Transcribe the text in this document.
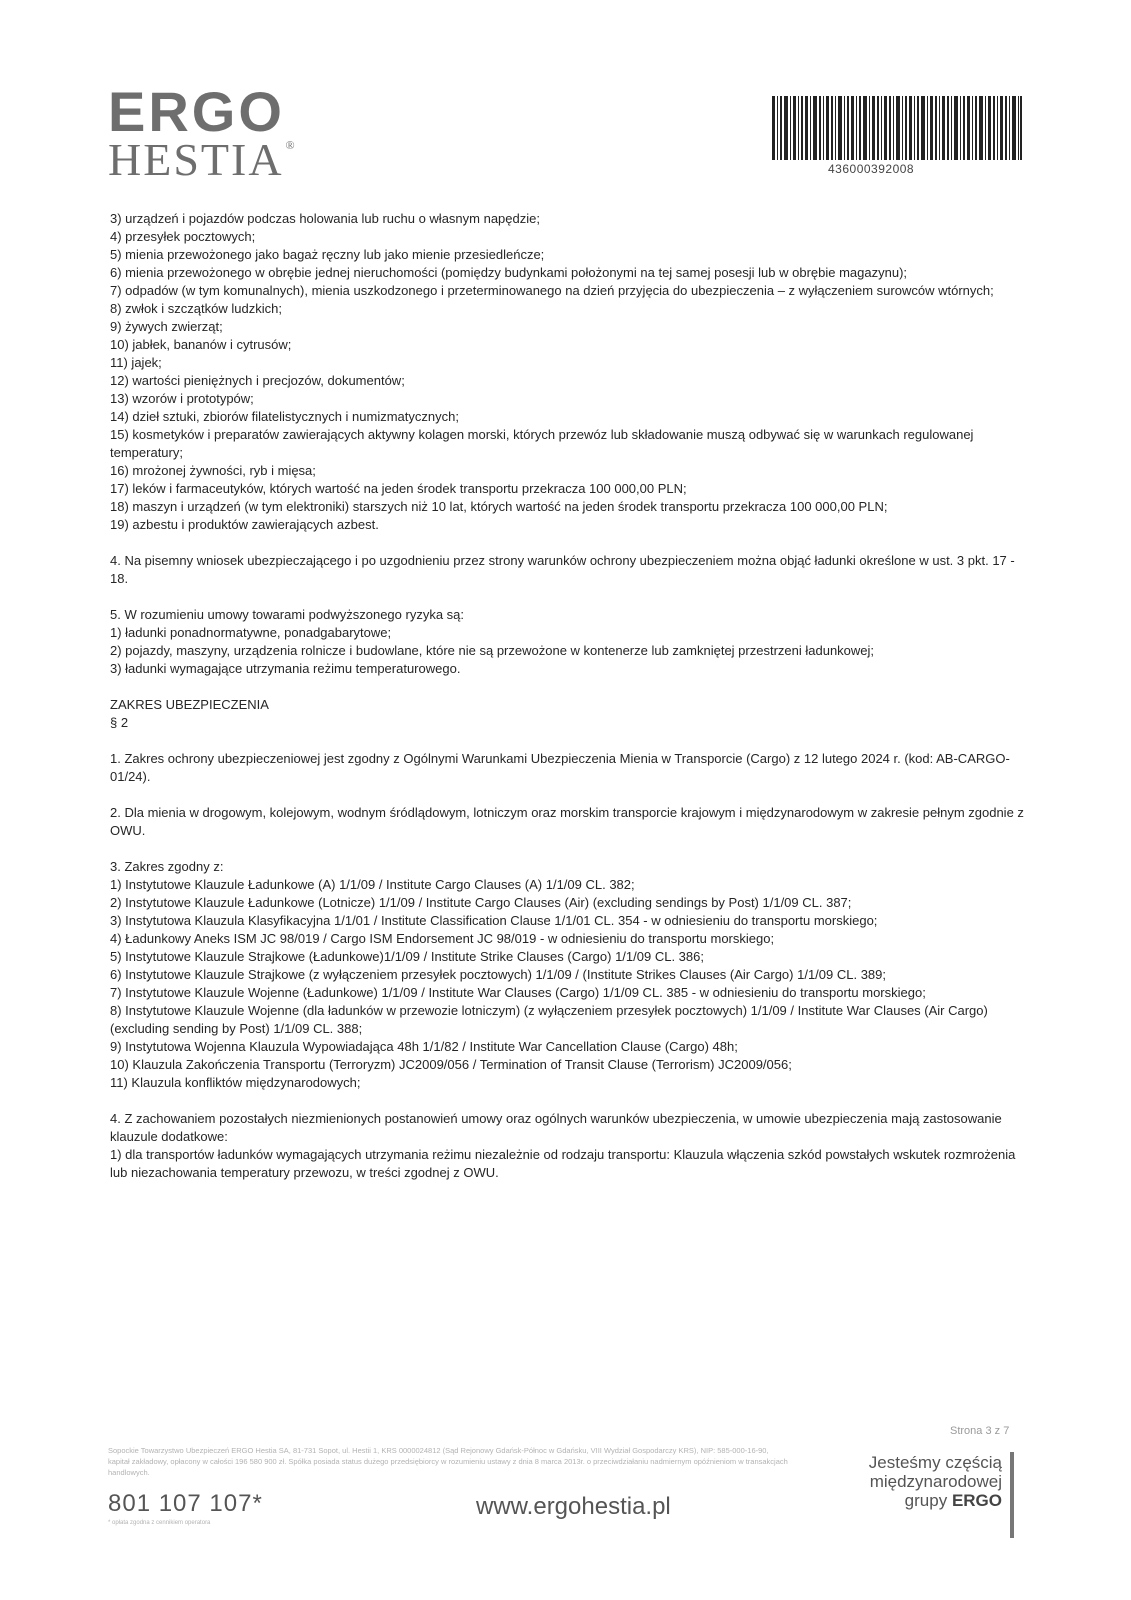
ERGO
HESTIA ®
436000392008

3) urządzeń i pojazdów podczas holowania lub ruchu o własnym napędzie;

4) przesyłek pocztowych;

5) mienia przewożonego jako bagaż ręczny lub jako mienie przesiedleńcze;

6) mienia przewożonego w obrębie jednej nieruchomości (pomiędzy budynkami położonymi na tej samej posesji lub w obrębie magazynu);

7) odpadów (w tym komunalnych), mienia uszkodzonego i przeterminowanego na dzień przyjęcia do ubezpieczenia – z wyłączeniem surowców wtórnych;

8) zwłok i szczątków ludzkich;

9) żywych zwierząt;

10) jabłek, bananów i cytrusów;

11) jajek;

12) wartości pieniężnych i precjozów, dokumentów;

13) wzorów i prototypów;

14) dzieł sztuki, zbiorów filatelistycznych i numizmatycznych;

15) kosmetyków i preparatów zawierających aktywny kolagen morski, których przewóz lub składowanie muszą odbywać się w warunkach regulowanej temperatury;

16) mrożonej żywności, ryb i mięsa;

17) leków i farmaceutyków, których wartość na jeden środek transportu przekracza 100 000,00 PLN;

18) maszyn i urządzeń (w tym elektroniki) starszych niż 10 lat, których wartość na jeden środek transportu przekracza 100 000,00 PLN;

19) azbestu i produktów zawierających azbest.

4. Na pisemny wniosek ubezpieczającego i po uzgodnieniu przez strony warunków ochrony ubezpieczeniem można objąć ładunki określone w ust. 3 pkt. 17 - 18.

5. W rozumieniu umowy towarami podwyższonego ryzyka są:

1) ładunki ponadnormatywne, ponadgabarytowe;

2) pojazdy, maszyny, urządzenia rolnicze i budowlane, które nie są przewożone w kontenerze lub zamkniętej przestrzeni ładunkowej;

3) ładunki wymagające utrzymania reżimu temperaturowego.

ZAKRES UBEZPIECZENIA

§ 2

1. Zakres ochrony ubezpieczeniowej jest zgodny z Ogólnymi Warunkami Ubezpieczenia Mienia w Transporcie (Cargo) z 12 lutego 2024 r. (kod: AB-CARGO-01/24).

2. Dla mienia w drogowym, kolejowym, wodnym śródlądowym, lotniczym oraz morskim transporcie krajowym i międzynarodowym w zakresie pełnym zgodnie z OWU.

3. Zakres zgodny z:

1) Instytutowe Klauzule Ładunkowe (A) 1/1/09 / Institute Cargo Clauses (A) 1/1/09 CL. 382;

2) Instytutowe Klauzule Ładunkowe (Lotnicze) 1/1/09 / Institute Cargo Clauses (Air) (excluding sendings by Post) 1/1/09 CL. 387;

3) Instytutowa Klauzula Klasyfikacyjna 1/1/01 / Institute Classification Clause 1/1/01 CL. 354 - w odniesieniu do transportu morskiego;

4) Ładunkowy Aneks ISM JC 98/019 / Cargo ISM Endorsement JC 98/019 - w odniesieniu do transportu morskiego;

5) Instytutowe Klauzule Strajkowe (Ładunkowe)1/1/09 / Institute Strike Clauses (Cargo) 1/1/09 CL. 386;

6) Instytutowe Klauzule Strajkowe (z wyłączeniem przesyłek pocztowych) 1/1/09 / (Institute Strikes Clauses (Air Cargo) 1/1/09 CL. 389;

7) Instytutowe Klauzule Wojenne (Ładunkowe) 1/1/09 / Institute War Clauses (Cargo) 1/1/09 CL. 385 - w odniesieniu do transportu morskiego;

8) Instytutowe Klauzule Wojenne (dla ładunków w przewozie lotniczym) (z wyłączeniem przesyłek pocztowych) 1/1/09 / Institute War Clauses (Air Cargo) (excluding sending by Post) 1/1/09 CL. 388;

9) Instytutowa Wojenna Klauzula Wypowiadająca 48h 1/1/82 / Institute War Cancellation Clause (Cargo) 48h;

10) Klauzula Zakończenia Transportu (Terroryzm) JC2009/056 / Termination of Transit Clause (Terrorism) JC2009/056;

11) Klauzula konfliktów międzynarodowych;

4. Z zachowaniem pozostałych niezmienionych postanowień umowy oraz ogólnych warunków ubezpieczenia, w umowie ubezpieczenia mają zastosowanie klauzule dodatkowe:

1) dla transportów ładunków wymagających utrzymania reżimu niezależnie od rodzaju transportu: Klauzula włączenia szkód powstałych wskutek rozmrożenia lub niezachowania temperatury przewozu, w treści zgodnej z OWU.

Strona 3 z 7
Sopockie Towarzystwo Ubezpieczeń ERGO Hestia SA, 81-731 Sopot, ul. Hestii 1, KRS 0000024812 (Sąd Rejonowy Gdańsk-Północ w Gdańsku, VIII Wydział Gospodarczy KRS), NIP: 585-000-16-90, kapitał zakładowy, opłacony w całości 196 580 900 zł. Spółka posiada status dużego przedsiębiorcy w rozumieniu ustawy z dnia 8 marca 2013r. o przeciwdziałaniu nadmiernym opóźnieniom w transakcjach handlowych.
801 107 107*
* opłata zgodna z cennikiem operatora
www.ergohestia.pl
Jesteśmy częścią
międzynarodowej
grupy ERGO
